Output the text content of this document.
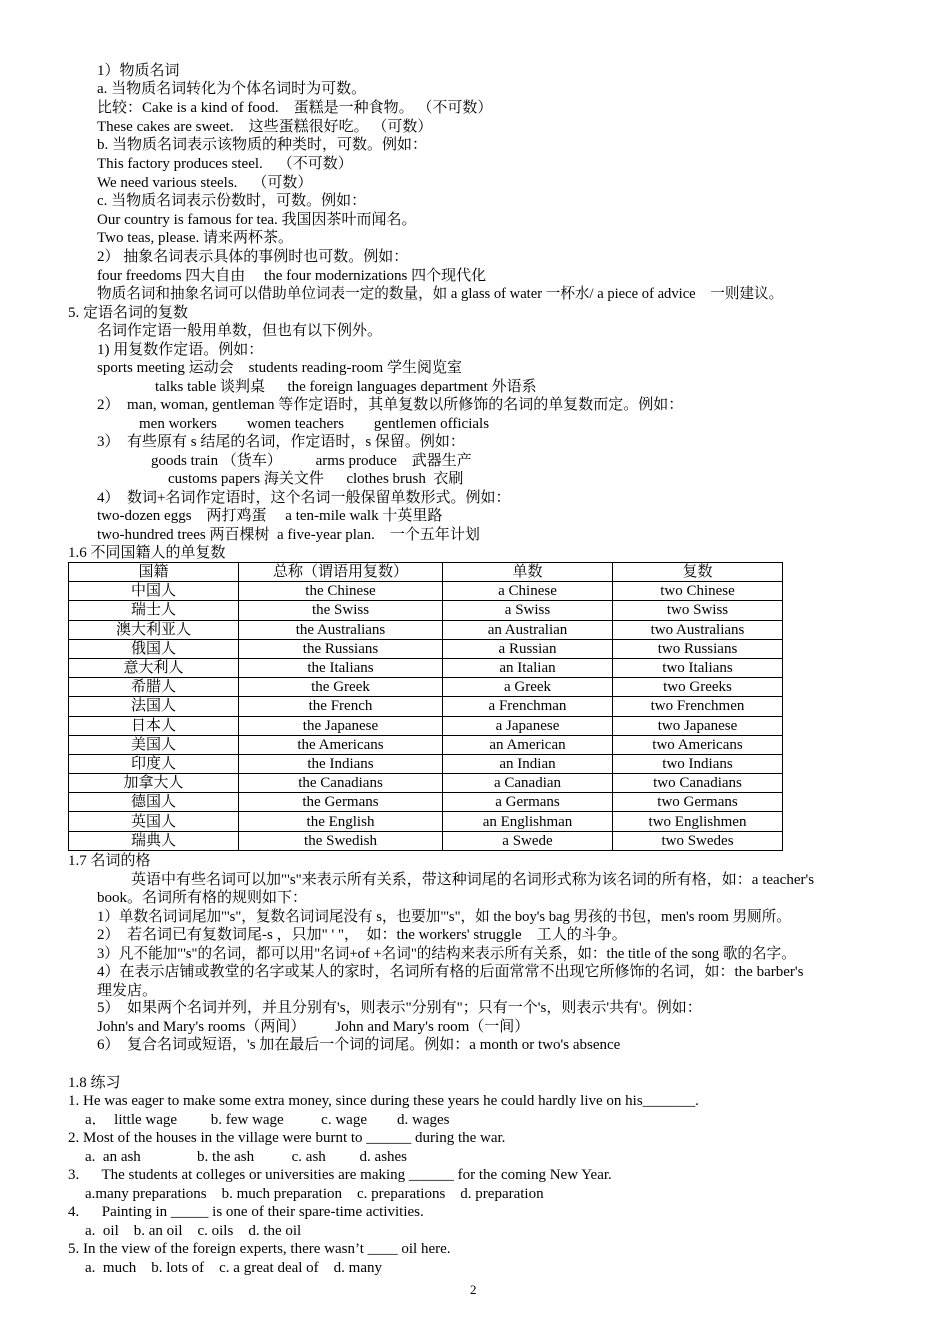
1）物质名词
a. 当物质名词转化为个体名词时为可数。
比较：Cake is a kind of food.    蛋糕是一种食物。 （不可数）
These cakes are sweet.    这些蛋糕很好吃。 （可数）
b. 当物质名词表示该物质的种类时，可数。例如：
This factory produces steel.    （不可数）
We need various steels.    （可数）
c. 当物质名词表示份数时，可数。例如：
Our country is famous for tea. 我国因茶叶而闻名。
Two teas, please. 请来两杯茶。
2） 抽象名词表示具体的事例时也可数。例如：
four freedoms 四大自由     the four modernizations 四个现代化
物质名词和抽象名词可以借助单位词表一定的数量，如 a glass of water 一杯水/ a piece of advice    一则建议。
5. 定语名词的复数
名词作定语一般用单数，但也有以下例外。
1) 用复数作定语。例如：
sports meeting 运动会    students reading-room 学生阅览室
talks table 谈判桌      the foreign languages department 外语系
2）  man, woman, gentleman 等作定语时，其单复数以所修饰的名词的单复数而定。例如：
men workers        women teachers        gentlemen officials
3）  有些原有 s 结尾的名词，作定语时，s 保留。例如：
goods train （货车）         arms produce    武器生产
customs papers 海关文件      clothes brush  衣刷
4）  数词+名词作定语时，这个名词一般保留单数形式。例如：
two-dozen eggs    两打鸡蛋     a ten-mile walk 十英里路
two-hundred trees 两百棵树  a five-year plan.    一个五年计划
1.6 不同国籍人的单复数
国籍	总称（谓语用复数）	单数	复数
中国人	the Chinese	a Chinese	two Chinese
瑞士人	the Swiss	a Swiss	two Swiss
澳大利亚人	the Australians	an Australian	two Australians
俄国人	the Russians	a Russian	two Russians
意大利人	the Italians	an Italian	two Italians
希腊人	the Greek	a Greek	two Greeks
法国人	the French	a Frenchman	two Frenchmen
日本人	the Japanese	a Japanese	two Japanese
美国人	the Americans	an American	two Americans
印度人	the Indians	an Indian	two Indians
加拿大人	the Canadians	a Canadian	two Canadians
德国人	the Germans	a Germans	two Germans
英国人	the English	an Englishman	two Englishmen
瑞典人	the Swedish	a Swede	two Swedes
1.7 名词的格
英语中有些名词可以加"'s"来表示所有关系，带这种词尾的名词形式称为该名词的所有格，如：a teacher's
book。名词所有格的规则如下：
1）单数名词词尾加"'s"，复数名词词尾没有 s，也要加"'s"，如 the boy's bag 男孩的书包，men's room 男厕所。
2）  若名词已有复数词尾-s ，只加" ' "，  如：the workers' struggle    工人的斗争。
3）凡不能加"'s"的名词，都可以用"名词+of +名词"的结构来表示所有关系，如：the title of the song 歌的名字。
4）在表示店铺或教堂的名字或某人的家时，名词所有格的后面常常不出现它所修饰的名词，如：the barber's
理发店。
5）  如果两个名词并列，并且分别有's，则表示"分别有"；只有一个's，则表示'共有'。例如：
John's and Mary's rooms（两间）        John and Mary's room（一间）
6）  复合名词或短语，'s 加在最后一个词的词尾。例如：a month or two's absence
1.8 练习
1. He was eager to make some extra money, since during these years he could hardly live on his_______.
a．  little wage         b. few wage          c. wage        d. wages
2. Most of the houses in the village were burnt to ______ during the war.
a.  an ash               b. the ash          c. ash         d. ashes
3.      The students at colleges or universities are making ______ for the coming New Year.
a.many preparations    b. much preparation    c. preparations    d. preparation
4.      Painting in _____ is one of their spare-time activities.
a.  oil    b. an oil    c. oils    d. the oil
5. In the view of the foreign experts, there wasn’t ____ oil here.
a.  much    b. lots of    c. a great deal of    d. many
2
